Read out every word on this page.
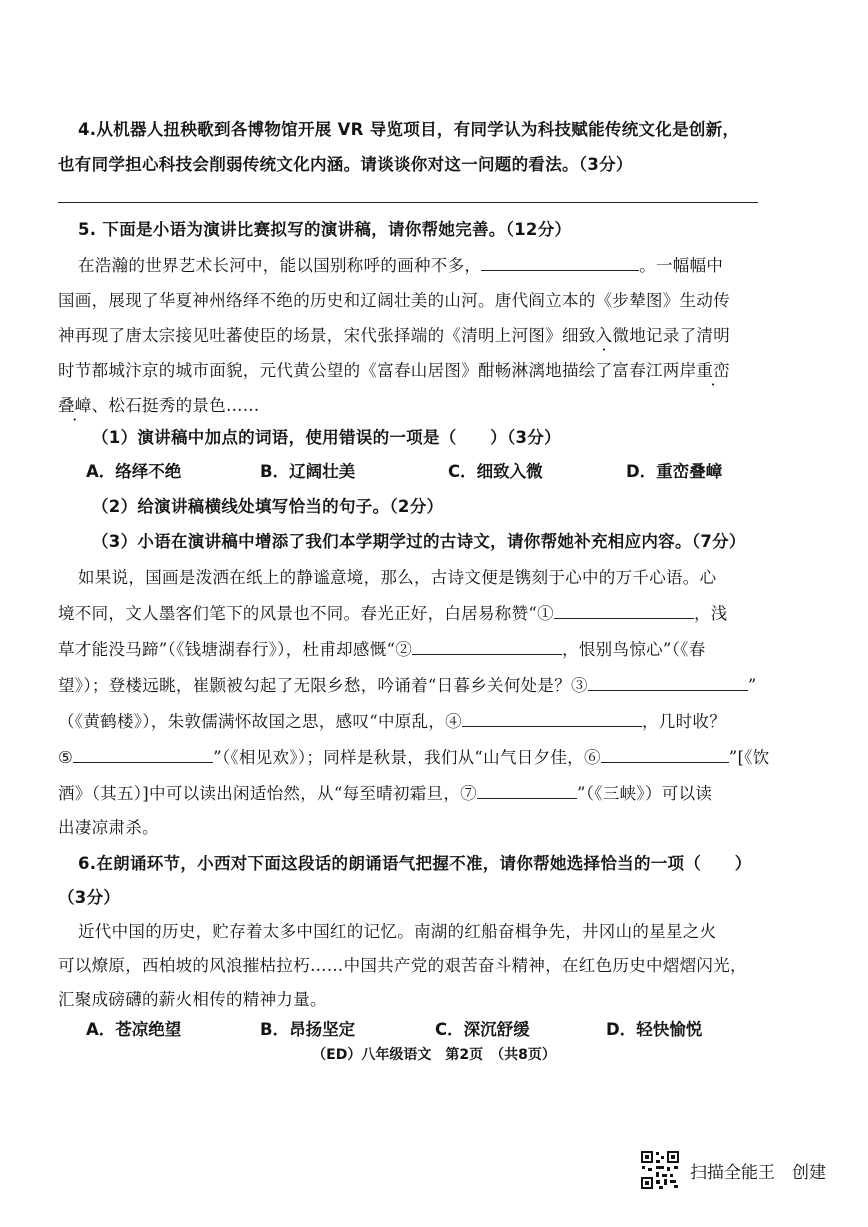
4.从机器人扭秧歌到各博物馆开展 VR 导览项目，有同学认为科技赋能传统文化是创新，
也有同学担心科技会削弱传统文化内涵。请谈谈你对这一问题的看法。（3分）
5. 下面是小语为演讲比赛拟写的演讲稿，请你帮她完善。（12分）
在浩瀚的世界艺术长河中，能以国别称呼的画种不多，	。一幅幅中
国画，展现了华夏神州络绎不绝的历史和辽阔壮美的山河。唐代阎立本的《步辇图》生动传
神再现了唐太宗接见吐蕃使臣的场景，宋代张择端的《清明上河图》细致入微地记录了清明
时节都城汴京的城市面貌，元代黄公望的《富春山居图》酣畅淋漓地描绘了富春江两岸重峦
叠嶂、松石挺秀的景色……
（1）演讲稿中加点的词语，使用错误的一项是（　　）（3分）
A．络绎不绝	B．辽阔壮美	C．细致入微	D．重峦叠嶂
（2）给演讲稿横线处填写恰当的句子。（2分）
（3）小语在演讲稿中增添了我们本学期学过的古诗文，请你帮她补充相应内容。（7分）
如果说，国画是泼洒在纸上的静谧意境，那么，古诗文便是镌刻于心中的万千心语。心
境不同，文人墨客们笔下的风景也不同。春光正好，白居易称赞“①	，浅
草才能没马蹄”（《钱塘湖春行》），杜甫却感慨“②	，恨别鸟惊心”（《春
望》）；登楼远眺，崔颢被勾起了无限乡愁，吟诵着“日暮乡关何处是？③	”
（《黄鹤楼》），朱敦儒满怀故国之思，感叹“中原乱，④	，几时收？
⑤	”（《相见欢》）；同样是秋景，我们从“山气日夕佳，⑥	”[《饮
酒》（其五）]中可以读出闲适怡然，从“每至晴初霜旦，⑦	”（《三峡》）可以读
出凄凉肃杀。
6.在朗诵环节，小西对下面这段话的朗诵语气把握不准，请你帮她选择恰当的一项（　　）
（3分）
近代中国的历史，贮存着太多中国红的记忆。南湖的红船奋楫争先，井冈山的星星之火
可以燎原，西柏坡的风浪摧枯拉朽……中国共产党的艰苦奋斗精神，在红色历史中熠熠闪光，
汇聚成磅礴的薪火相传的精神力量。
A．苍凉绝望	B．昂扬坚定	C．深沉舒缓	D．轻快愉悦
（ED）八年级语文　第2页　（共8页）
扫描全能王　创建
